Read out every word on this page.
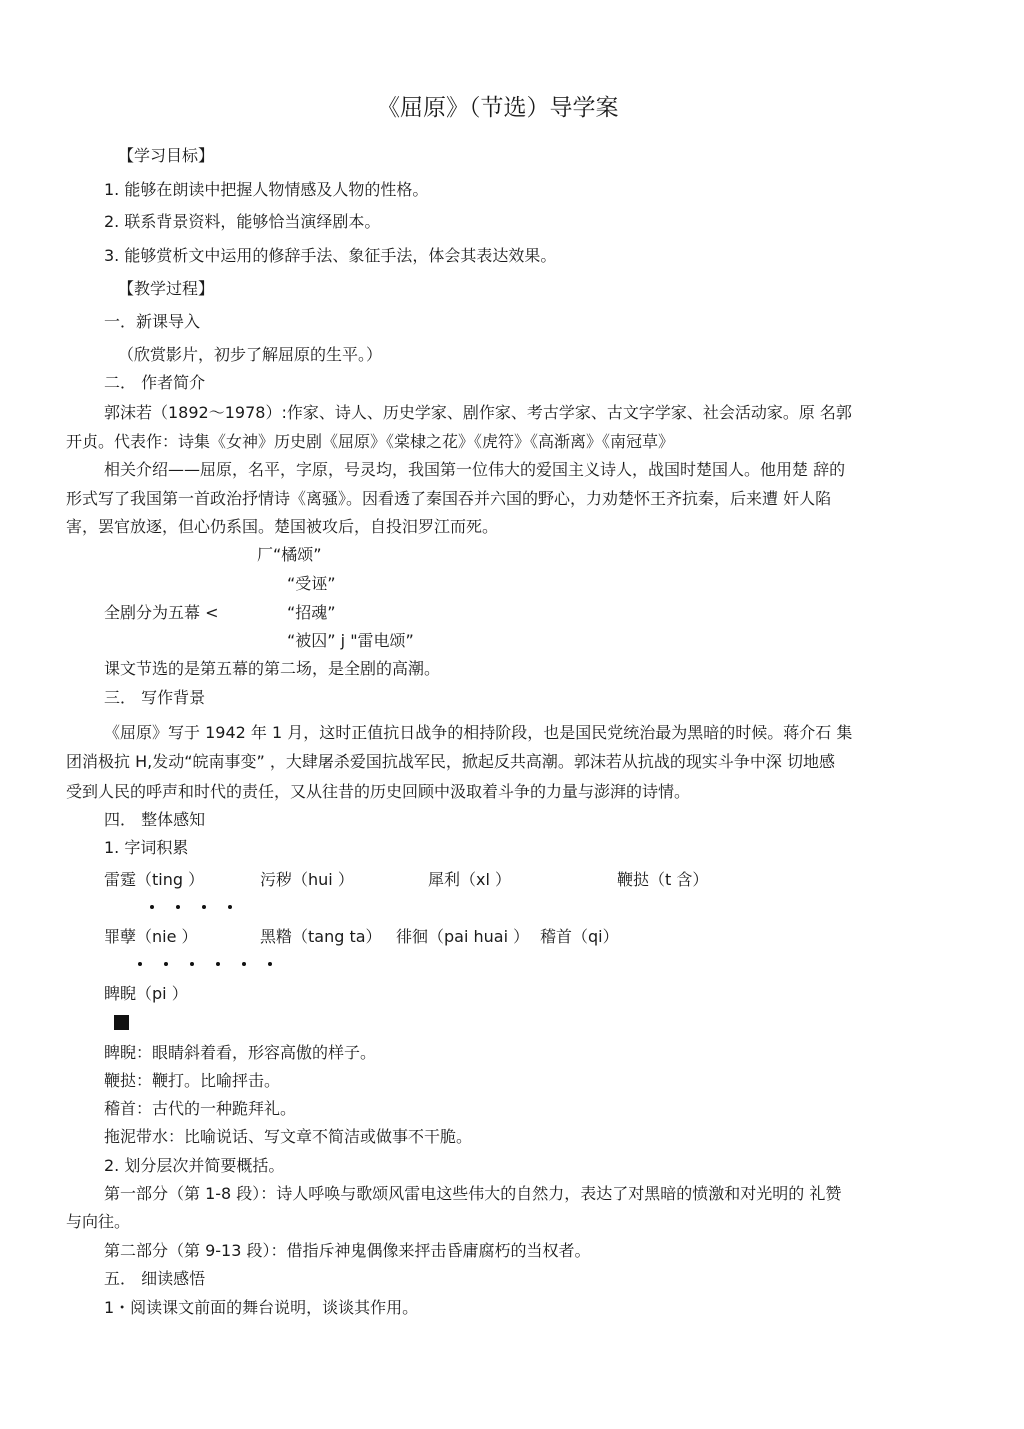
《屈原》（节选）导学案
【学习目标】
1. 能够在朗读中把握人物情感及人物的性格。
2. 联系背景资料，能够恰当演绎剧本。
3. 能够赏析文中运用的修辞手法、象征手法，体会其表达效果。
【教学过程】
一．新课导入
（欣赏影片，初步了解屈原的生平。）
二． 作者简介
郭沫若（1892～1978）:作家、诗人、历史学家、剧作家、考古学家、古文字学家、社会活动家。原 名郭
开贞。代表作：诗集《女神》历史剧《屈原》《棠棣之花》《虎符》《高渐离》《南冠草》
相关介绍——屈原，名平，字原，号灵均，我国第一位伟大的爱国主义诗人，战国时楚国人。他用楚 辞的
形式写了我国第一首政治抒情诗《离骚》。因看透了秦国吞并六国的野心，力劝楚怀王齐抗秦，后来遭 奸人陷
害，罢官放逐，但心仍系国。楚国被攻后，自投汨罗江而死。
厂“橘颂”
“受诬”
全剧分为五幕 <	“招魂”
“被囚” j "雷电颂”
课文节选的是第五幕的第二场，是全剧的高潮。
三． 写作背景
《屈原》写于 1942 年 1 月，这时正值抗日战争的相持阶段，也是国民党统治最为黑暗的时候。蒋介石 集
团消极抗 H,发动“皖南事变” ，大肆屠杀爱国抗战军民，掀起反共高潮。郭沫若从抗战的现实斗争中深 切地感
受到人民的呼声和时代的责任，又从往昔的历史回顾中汲取着斗争的力量与澎湃的诗情。
四． 整体感知
1. 字词积累
雷霆（ting ）	污秽（hui ）	犀利（xl ）	鞭挞（t 含）
罪孽（nie ）	黑糌（tang ta） 徘徊（pai huai ） 稽首（qi）
睥睨（pi ）
睥睨：眼睛斜着看，形容高傲的样子。
鞭挞：鞭打。比喻抨击。
稽首：古代的一种跪拜礼。
拖泥带水：比喻说话、写文章不简洁或做事不干脆。
2. 划分层次并简要概括。
第一部分（第 1-8 段）：诗人呼唤与歌颂风雷电这些伟大的自然力，表达了对黑暗的愤激和对光明的 礼赞
与向往。
第二部分（第 9-13 段）：借指斥神鬼偶像来抨击昏庸腐朽的当权者。
五． 细读感悟
1・阅读课文前面的舞台说明，谈谈其作用。
